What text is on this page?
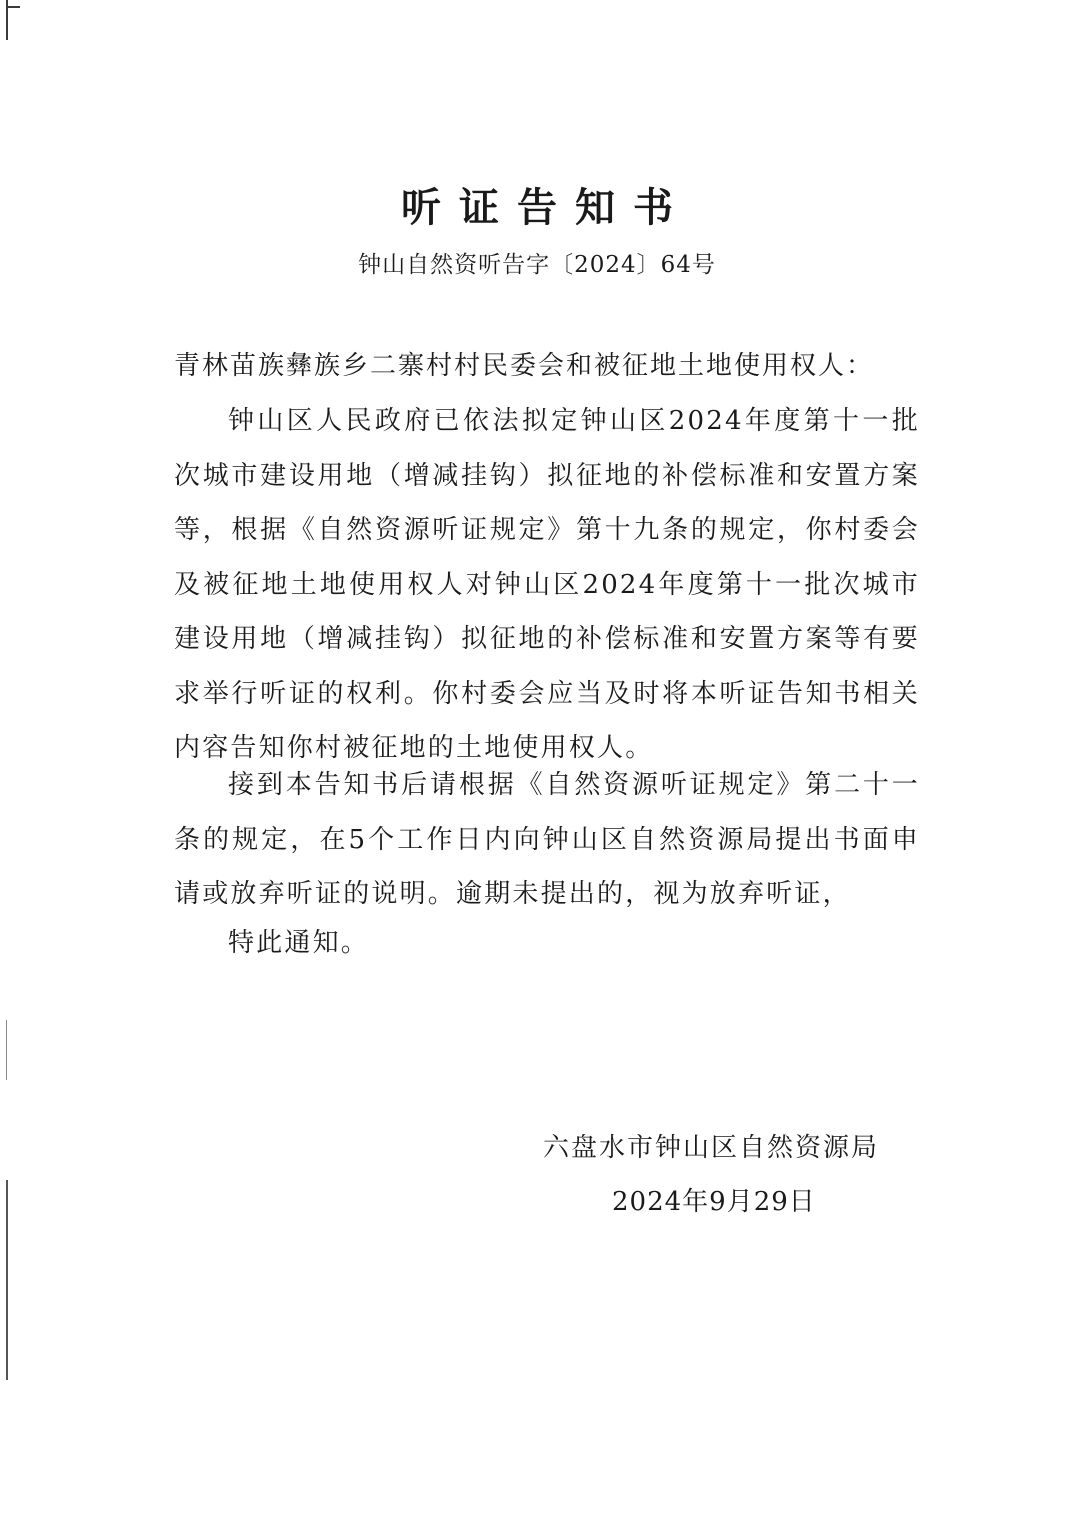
听证告知书
钟山自然资听告字〔2024〕64号
青林苗族彝族乡二寨村村民委会和被征地土地使用权人：

钟山区人民政府已依法拟定钟山区2024年度第十一批次城市建设用地（增减挂钩）拟征地的补偿标准和安置方案等，根据《自然资源听证规定》第十九条的规定，你村委会及被征地土地使用权人对钟山区2024年度第十一批次城市建设用地（增减挂钩）拟征地的补偿标准和安置方案等有要求举行听证的权利。你村委会应当及时将本听证告知书相关内容告知你村被征地的土地使用权人。

接到本告知书后请根据《自然资源听证规定》第二十一条的规定，在5个工作日内向钟山区自然资源局提出书面申请或放弃听证的说明。逾期未提出的，视为放弃听证，

特此通知。

六盘水市钟山区自然资源局
2024年9月29日
